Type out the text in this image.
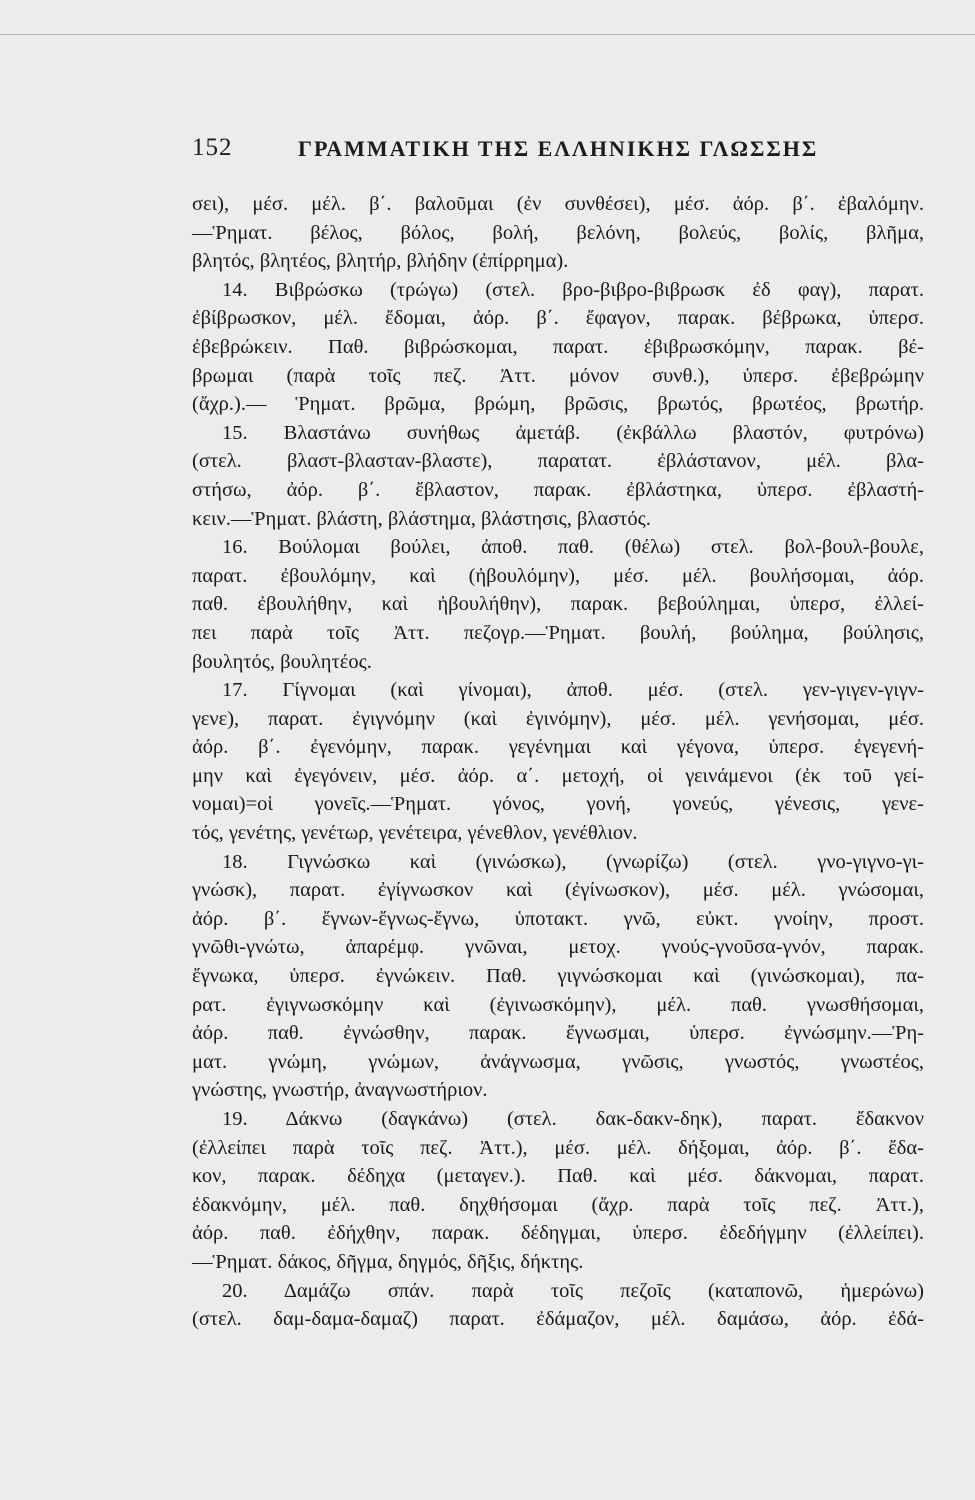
152	ΓΡΑΜΜΑΤΙΚΗ ΤΗΣ ΕΛΛΗΝΙΚΗΣ ΓΛΩΣΣΗΣ
σει), μέσ. μέλ. β΄. βαλοῦμαι (ἐν συνθέσει), μέσ. ἀόρ. β΄. ἐβαλόμην.
—Ῥηματ. βέλος, βόλος, βολή, βελόνη, βολεύς, βολίς, βλῆμα,
βλητός, βλητέος, βλητήρ, βλήδην (ἐπίρρημα).
14. Βιβρώσκω (τρώγω) (στελ. βρο-βιβρο-βιβρωσκ ἐδ φαγ), παρατ.
ἐβίβρωσκον, μέλ. ἔδομαι, ἀόρ. β΄. ἔφαγον, παρακ. βέβρωκα, ὑπερσ.
ἐβεβρώκειν. Παθ. βιβρώσκομαι, παρατ. ἐβιβρωσκόμην, παρακ. βέ-
βρωμαι (παρὰ τοῖς πεζ. Ἀττ. μόνον συνθ.), ὑπερσ. ἐβεβρώμην
(ἄχρ.).— Ῥηματ. βρῶμα, βρώμη, βρῶσις, βρωτός, βρωτέος, βρωτήρ.
15. Βλαστάνω συνήθως ἀμετάβ. (ἐκβάλλω βλαστόν, φυτρόνω)
(στελ. βλαστ-βλασταν-βλαστε), παρατατ. ἐβλάστανον, μέλ. βλα-
στήσω, ἀόρ. β΄. ἔβλαστον, παρακ. ἐβλάστηκα, ὑπερσ. ἐβλαστή-
κειν.—Ῥηματ. βλάστη, βλάστημα, βλάστησις, βλαστός.
16. Βούλομαι βούλει, ἀποθ. παθ. (θέλω) στελ. βολ-βουλ-βουλε,
παρατ. ἐβουλόμην, καὶ (ἠβουλόμην), μέσ. μέλ. βουλήσομαι, ἀόρ.
παθ. ἐβουλήθην, καὶ ἠβουλήθην), παρακ. βεβούλημαι, ὑπερσ, ἐλλεί-
πει παρὰ τοῖς Ἀττ. πεζογρ.—Ῥηματ. βουλή, βούλημα, βούλησις,
βουλητός, βουλητέος.
17. Γίγνομαι (καὶ γίνομαι), ἀποθ. μέσ. (στελ. γεν-γιγεν-γιγν-
γενε), παρατ. ἐγιγνόμην (καὶ ἐγινόμην), μέσ. μέλ. γενήσομαι, μέσ.
ἀόρ. β΄. ἐγενόμην, παρακ. γεγένημαι καὶ γέγονα, ὑπερσ. ἐγεγενή-
μην καὶ ἐγεγόνειν, μέσ. ἀόρ. α΄. μετοχή, οἱ γεινάμενοι (ἐκ τοῦ γεί-
νομαι)=οἱ γονεῖς.—Ῥηματ. γόνος, γονή, γονεύς, γένεσις, γενε-
τός, γενέτης, γενέτωρ, γενέτειρα, γένεθλον, γενέθλιον.
18. Γιγνώσκω καὶ (γινώσκω), (γνωρίζω) (στελ. γνο-γιγνο-γι-
γνώσκ), παρατ. ἐγίγνωσκον καὶ (ἐγίνωσκον), μέσ. μέλ. γνώσομαι,
ἀόρ. β΄. ἔγνων-ἔγνως-ἔγνω, ὑποτακτ. γνῶ, εὐκτ. γνοίην, προστ.
γνῶθι-γνώτω, ἀπαρέμφ. γνῶναι, μετοχ. γνούς-γνοῦσα-γνόν, παρακ.
ἔγνωκα, ὑπερσ. ἐγνώκειν. Παθ. γιγνώσκομαι καὶ (γινώσκομαι), πα-
ρατ. ἐγιγνωσκόμην καὶ (ἐγινωσκόμην), μέλ. παθ. γνωσθήσομαι,
ἀόρ. παθ. ἐγνώσθην, παρακ. ἔγνωσμαι, ὑπερσ. ἐγνώσμην.—Ῥη-
ματ. γνώμη, γνώμων, ἀνάγνωσμα, γνῶσις, γνωστός, γνωστέος,
γνώστης, γνωστήρ, ἀναγνωστήριον.
19. Δάκνω (δαγκάνω) (στελ. δακ-δακν-δηκ), παρατ. ἔδακνον
(ἐλλείπει παρὰ τοῖς πεζ. Ἀττ.), μέσ. μέλ. δήξομαι, ἀόρ. β΄. ἔδα-
κον, παρακ. δέδηχα (μεταγεν.). Παθ. καὶ μέσ. δάκνομαι, παρατ.
ἐδακνόμην, μέλ. παθ. δηχθήσομαι (ἄχρ. παρὰ τοῖς πεζ. Ἀττ.),
ἀόρ. παθ. ἐδήχθην, παρακ. δέδηγμαι, ὑπερσ. ἐδεδήγμην (ἐλλείπει).
—Ῥηματ. δάκος, δῆγμα, δηγμός, δῆξις, δήκτης.
20. Δαμάζω σπάν. παρὰ τοῖς πεζοῖς (καταπονῶ, ἡμερώνω)
(στελ. δαμ-δαμα-δαμαζ) παρατ. ἐδάμαζον, μέλ. δαμάσω, ἀόρ. ἐδά-
